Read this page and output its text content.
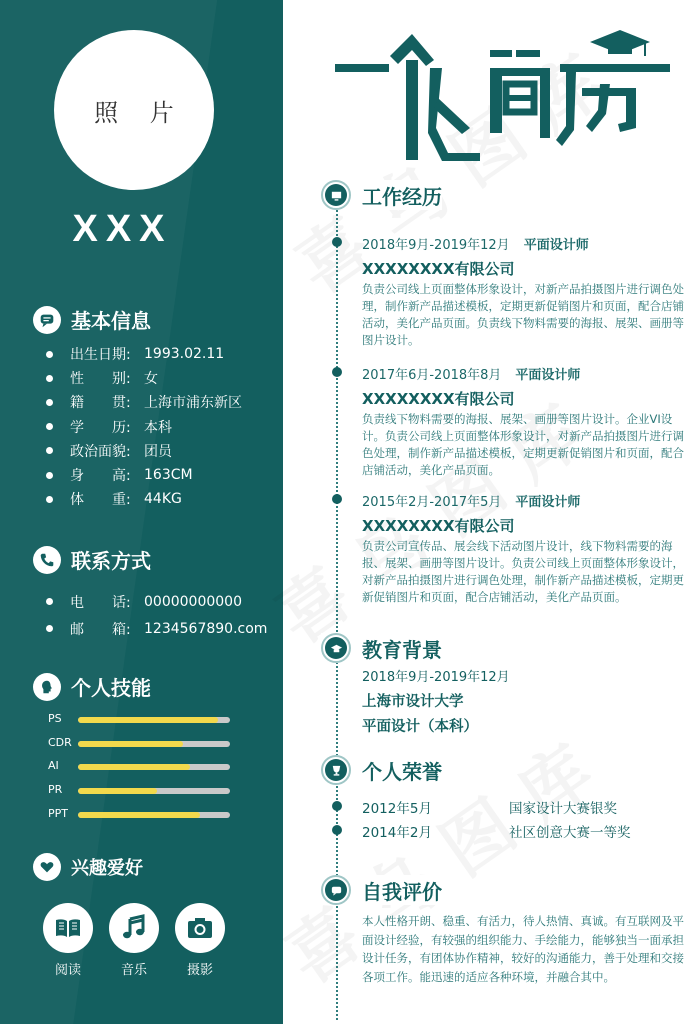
照 片
XXX
基本信息
出生日期: 1993.02.11
性　　别: 女
籍　　贯: 上海市浦东新区
学　　历: 本科
政治面貌: 团员
身　　高: 163CM
体　　重: 44KG
联系方式
电　　话: 00000000000
邮　　箱: 1234567890.com
个人技能
PS
CDR
AI
PR
PPT
兴趣爱好
阅读	音乐	摄影
工作经历
2018年9月-2019年12月 平面设计师
XXXXXXXX有限公司
负责公司线上页面整体形象设计，对新产品拍摄图片进行调色处理，制作新产品描述模板，定期更新促销图片和页面，配合店铺活动，美化产品页面。负责线下物料需要的海报、展架、画册等图片设计。
2017年6月-2018年8月 平面设计师
XXXXXXXX有限公司
负责线下物料需要的海报、展架、画册等图片设计。企业VI设计。负责公司线上页面整体形象设计，对新产品拍摄图片进行调色处理，制作新产品描述模板，定期更新促销图片和页面，配合店铺活动，美化产品页面。
2015年2月-2017年5月 平面设计师
XXXXXXXX有限公司
负责公司宣传品、展会线下活动图片设计，线下物料需要的海报、展架、画册等图片设计。负责公司线上页面整体形象设计，对新产品拍摄图片进行调色处理，制作新产品描述模板，定期更新促销图片和页面，配合店铺活动，美化产品页面。
教育背景
2018年9月-2019年12月
上海市设计大学
平面设计（本科）
个人荣誉
2012年5月	国家设计大赛银奖
2014年2月	社区创意大赛一等奖
自我评价
本人性格开朗、稳重、有活力，待人热情、真诚。有互联网及平面设计经验，有较强的组织能力、手绘能力，能够独当一面承担设计任务，有团体协作精神，较好的沟通能力，善于处理和交接各项工作。能迅速的适应各种环境，并融合其中。
